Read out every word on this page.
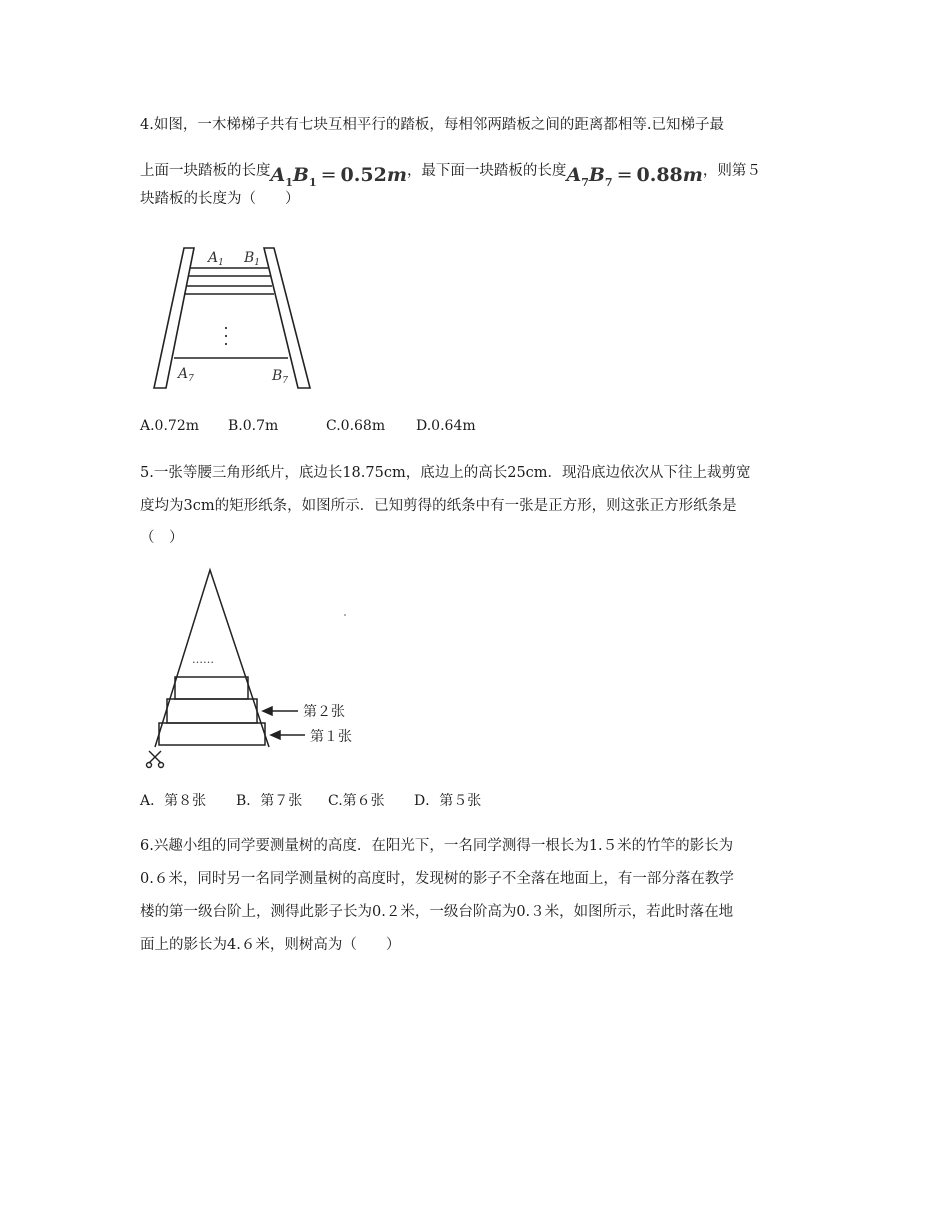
4.如图，一木梯梯子共有七块互相平行的踏板，每相邻两踏板之间的距离都相等.已知梯子最
上面一块踏板的长度$A_1B_1 = 0.52m$，最下面一块踏板的长度$A_7B_7 = 0.88m$，则第５
块踏板的长度为（　　）
$A_1$ $B_1$
$A_7$	$B_7$
A.0.72m B.0.7m	C.0.68m D.0.64m
5.一张等腰三角形纸片，底边长18.75cm，底边上的高长25cm．现沿底边依次从下往上裁剪宽
度均为3cm的矩形纸条，如图所示．已知剪得的纸条中有一张是正方形，则这张正方形纸条是
（　）
……
第２张
第１张
A．第８张 B．第７张 C.第６张 D．第５张
6.兴趣小组的同学要测量树的高度．在阳光下，一名同学测得一根长为1.５米的竹竿的影长为
0.６米，同时另一名同学测量树的高度时，发现树的影子不全落在地面上，有一部分落在教学
楼的第一级台阶上，测得此影子长为0.２米，一级台阶高为0.３米，如图所示，若此时落在地
面上的影长为4.６米，则树高为（　　）
